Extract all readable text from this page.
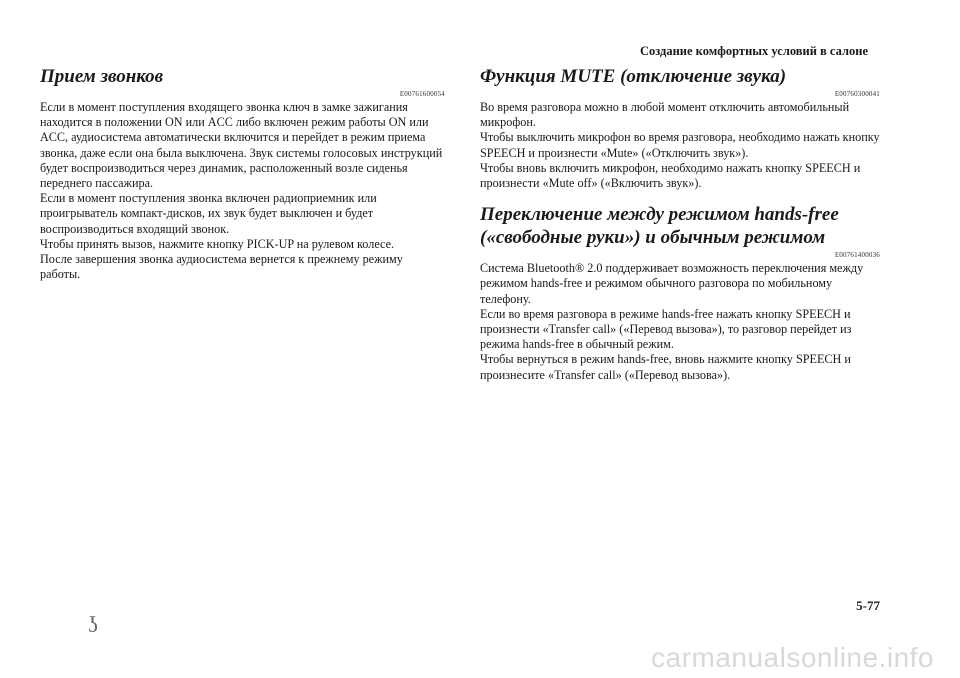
Создание комфортных условий в салоне
Прием звонков
E00761600054

Если в момент поступления входящего звонка ключ в замке зажигания находится в положении ON или ACC либо включен режим работы ON или ACC, аудиосистема автоматически включится и перейдет в режим приема звонка, даже если она была выключена. Звук системы голосовых инструкций будет воспроизводиться через динамик, расположенный возле сиденья переднего пассажира.

Если в момент поступления звонка включен радиоприемник или проигрыватель компакт-дисков, их звук будет выключен и будет воспроизводиться входящий звонок.

Чтобы принять вызов, нажмите кнопку PICK-UP на рулевом колесе.

После завершения звонка аудиосистема вернется к прежнему режиму работы.

Функция MUTE (отключение звука)
E00760300041

Во время разговора можно в любой момент отключить автомобильный микрофон.

Чтобы выключить микрофон во время разговора, необходимо нажать кнопку SPEECH и произнести «Mute» («Отключить звук»).

Чтобы вновь включить микрофон, необходимо нажать кнопку SPEECH и произнести «Mute off» («Включить звук»).

Переключение между режимом hands-free
(«свободные руки») и обычным режимом
E00761400036

Система Bluetooth® 2.0 поддерживает возможность переключения между режимом hands-free и режимом обычного разговора по мобильному телефону.

Если во время разговора в режиме hands-free нажать кнопку SPEECH и произнести «Transfer call» («Перевод вызова»), то разговор перейдет из режима hands-free в обычный режим.

Чтобы вернуться в режим hands-free, вновь нажмите кнопку SPEECH и произнесите «Transfer call» («Перевод вызова»).

ʖ
5-77
carmanualsonline.info
